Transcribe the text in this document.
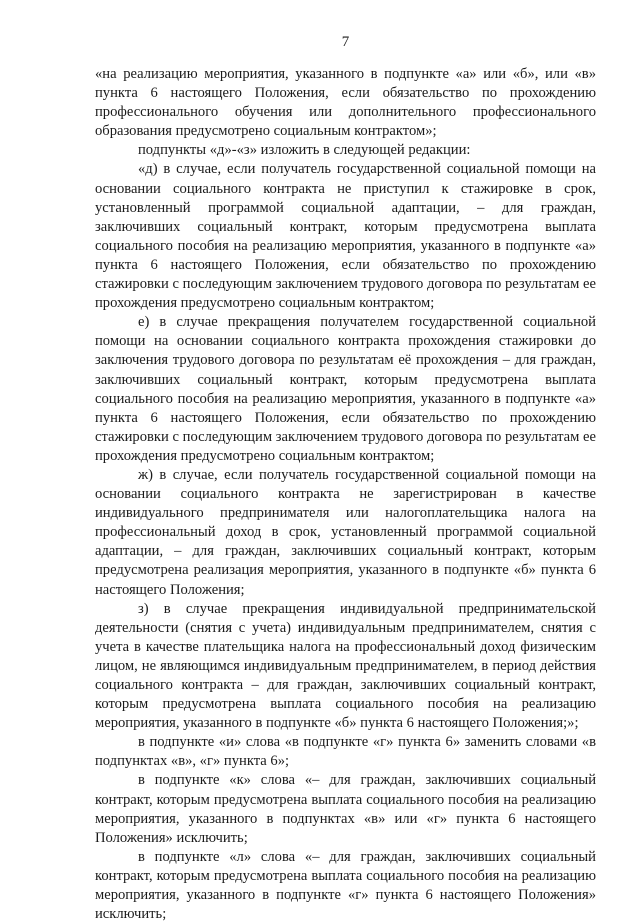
7

«на реализацию мероприятия, указанного в подпункте «а» или «б», или «в» пункта 6 настоящего Положения, если обязательство по прохождению профессионального обучения или дополнительного профессионального образования предусмотрено социальным контрактом»;

подпункты «д»-«з» изложить в следующей редакции:

«д) в случае, если получатель государственной социальной помощи на основании социального контракта не приступил к стажировке в срок, установленный программой социальной адаптации, – для граждан, заключивших социальный контракт, которым предусмотрена выплата социального пособия на реализацию мероприятия, указанного в подпункте «а» пункта 6 настоящего Положения, если обязательство по прохождению стажировки с последующим заключением трудового договора по результатам ее прохождения предусмотрено социальным контрактом;

е) в случае прекращения получателем государственной социальной помощи на основании социального контракта прохождения стажировки до заключения трудового договора по результатам её прохождения – для граждан, заключивших социальный контракт, которым предусмотрена выплата социального пособия на реализацию мероприятия, указанного в подпункте «а» пункта 6 настоящего Положения, если обязательство по прохождению стажировки с последующим заключением трудового договора по результатам ее прохождения предусмотрено социальным контрактом;

ж) в случае, если получатель государственной социальной помощи на основании социального контракта не зарегистрирован в качестве индивидуального предпринимателя или налогоплательщика налога на профессиональный доход в срок, установленный программой социальной адаптации, – для граждан, заключивших социальный контракт, которым предусмотрена реализация мероприятия, указанного в подпункте «б» пункта 6 настоящего Положения;

з) в случае прекращения индивидуальной предпринимательской деятельности (снятия с учета) индивидуальным предпринимателем, снятия с учета в качестве плательщика налога на профессиональный доход физическим лицом, не являющимся индивидуальным предпринимателем, в период действия социального контракта – для граждан, заключивших социальный контракт, которым предусмотрена выплата социального пособия на реализацию мероприятия, указанного в подпункте «б» пункта 6 настоящего Положения;»;

в подпункте «и» слова «в подпункте «г» пункта 6» заменить словами «в подпунктах «в», «г» пункта 6»;

в подпункте «к» слова «– для граждан, заключивших социальный контракт, которым предусмотрена выплата социального пособия на реализацию мероприятия, указанного в подпунктах «в» или «г» пункта 6 настоящего Положения» исключить;

в подпункте «л» слова «– для граждан, заключивших социальный контракт, которым предусмотрена выплата социального пособия на реализацию мероприятия, указанного в подпункте «г» пункта 6 настоящего Положения» исключить;
